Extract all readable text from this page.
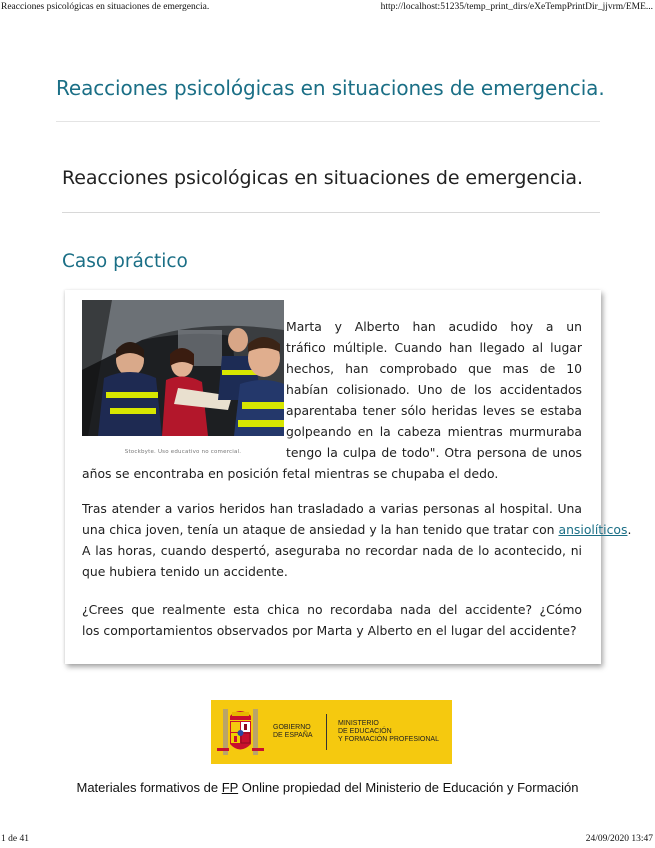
Reacciones psicológicas en situaciones de emergencia.	http://localhost:51235/temp_print_dirs/eXeTempPrintDir_jjvrm/EME...
Reacciones psicológicas en situaciones de emergencia.
Reacciones psicológicas en situaciones de emergencia.
Caso práctico
Stockbyte. Uso educativo no comercial.
Marta y Alberto han acudido hoy a un
tráfico múltiple. Cuando han llegado al lugar
hechos, han comprobado que mas de 10
habían colisionado. Uno de los accidentados
aparentaba tener sólo heridas leves se estaba
golpeando en la cabeza mientras murmuraba
tengo la culpa de todo". Otra persona de unos
años se encontraba en posición fetal mientras se chupaba el dedo.
Tras atender a varios heridos han trasladado a varias personas al hospital. Una
una chica joven, tenía un ataque de ansiedad y la han tenido que tratar con ansiolíticos.
A las horas, cuando despertó, aseguraba no recordar nada de lo acontecido, ni
que hubiera tenido un accidente.
¿Crees que realmente esta chica no recordaba nada del accidente? ¿Cómo
los comportamientos observados por Marta y Alberto en el lugar del accidente?
GOBIERNO
DE ESPAÑA
MINISTERIO
DE EDUCACIÓN
Y FORMACIÓN PROFESIONAL
Materiales formativos de FP Online propiedad del Ministerio de Educación y Formación
1 de 41	24/09/2020 13:47
